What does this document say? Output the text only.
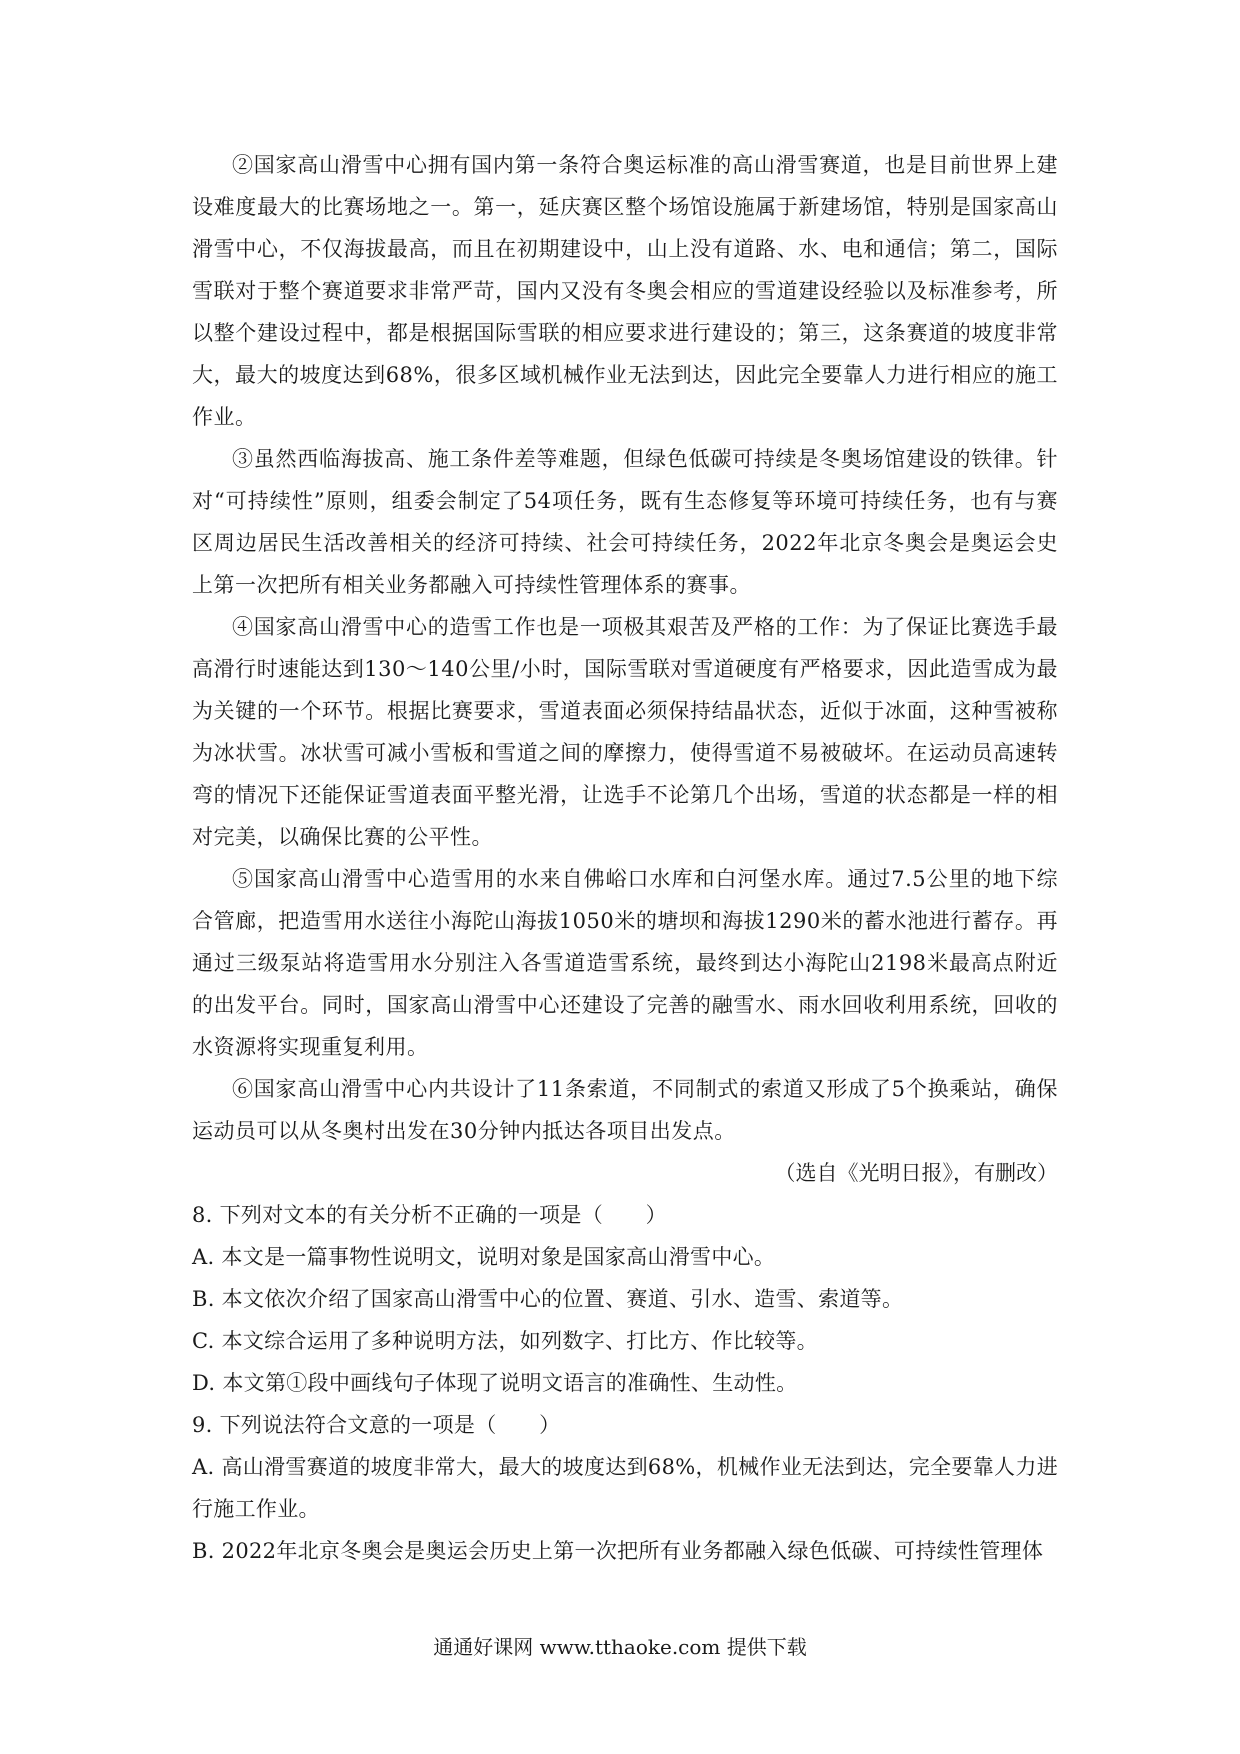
②国家高山滑雪中心拥有国内第一条符合奥运标准的高山滑雪赛道，也是目前世界上建设难度最大的比赛场地之一。第一，延庆赛区整个场馆设施属于新建场馆，特别是国家高山滑雪中心，不仅海拔最高，而且在初期建设中，山上没有道路、水、电和通信；第二，国际雪联对于整个赛道要求非常严苛，国内又没有冬奥会相应的雪道建设经验以及标准参考，所以整个建设过程中，都是根据国际雪联的相应要求进行建设的；第三，这条赛道的坡度非常大，最大的坡度达到68%，很多区域机械作业无法到达，因此完全要靠人力进行相应的施工作业。

③虽然西临海拔高、施工条件差等难题，但绿色低碳可持续是冬奥场馆建设的铁律。针对“可持续性”原则，组委会制定了54项任务，既有生态修复等环境可持续任务，也有与赛区周边居民生活改善相关的经济可持续、社会可持续任务，2022年北京冬奥会是奥运会史上第一次把所有相关业务都融入可持续性管理体系的赛事。

④国家高山滑雪中心的造雪工作也是一项极其艰苦及严格的工作：为了保证比赛选手最高滑行时速能达到130～140公里/小时，国际雪联对雪道硬度有严格要求，因此造雪成为最为关键的一个环节。根据比赛要求，雪道表面必须保持结晶状态，近似于冰面，这种雪被称为冰状雪。冰状雪可减小雪板和雪道之间的摩擦力，使得雪道不易被破坏。在运动员高速转弯的情况下还能保证雪道表面平整光滑，让选手不论第几个出场，雪道的状态都是一样的相对完美，以确保比赛的公平性。

⑤国家高山滑雪中心造雪用的水来自佛峪口水库和白河堡水库。通过7.5公里的地下综合管廊，把造雪用水送往小海陀山海拔1050米的塘坝和海拔1290米的蓄水池进行蓄存。再通过三级泵站将造雪用水分别注入各雪道造雪系统，最终到达小海陀山2198米最高点附近的出发平台。同时，国家高山滑雪中心还建设了完善的融雪水、雨水回收利用系统，回收的水资源将实现重复利用。

⑥国家高山滑雪中心内共设计了11条索道，不同制式的索道又形成了5个换乘站，确保运动员可以从冬奥村出发在30分钟内抵达各项目出发点。

（选自《光明日报》，有删改）

8. 下列对文本的有关分析不正确的一项是（　　）

A. 本文是一篇事物性说明文，说明对象是国家高山滑雪中心。

B. 本文依次介绍了国家高山滑雪中心的位置、赛道、引水、造雪、索道等。

C. 本文综合运用了多种说明方法，如列数字、打比方、作比较等。

D. 本文第①段中画线句子体现了说明文语言的准确性、生动性。

9. 下列说法符合文意的一项是（　　）

A. 高山滑雪赛道的坡度非常大，最大的坡度达到68%，机械作业无法到达，完全要靠人力进行施工作业。

B. 2022年北京冬奥会是奥运会历史上第一次把所有业务都融入绿色低碳、可持续性管理体

通通好课网 www.tthaoke.com 提供下载
